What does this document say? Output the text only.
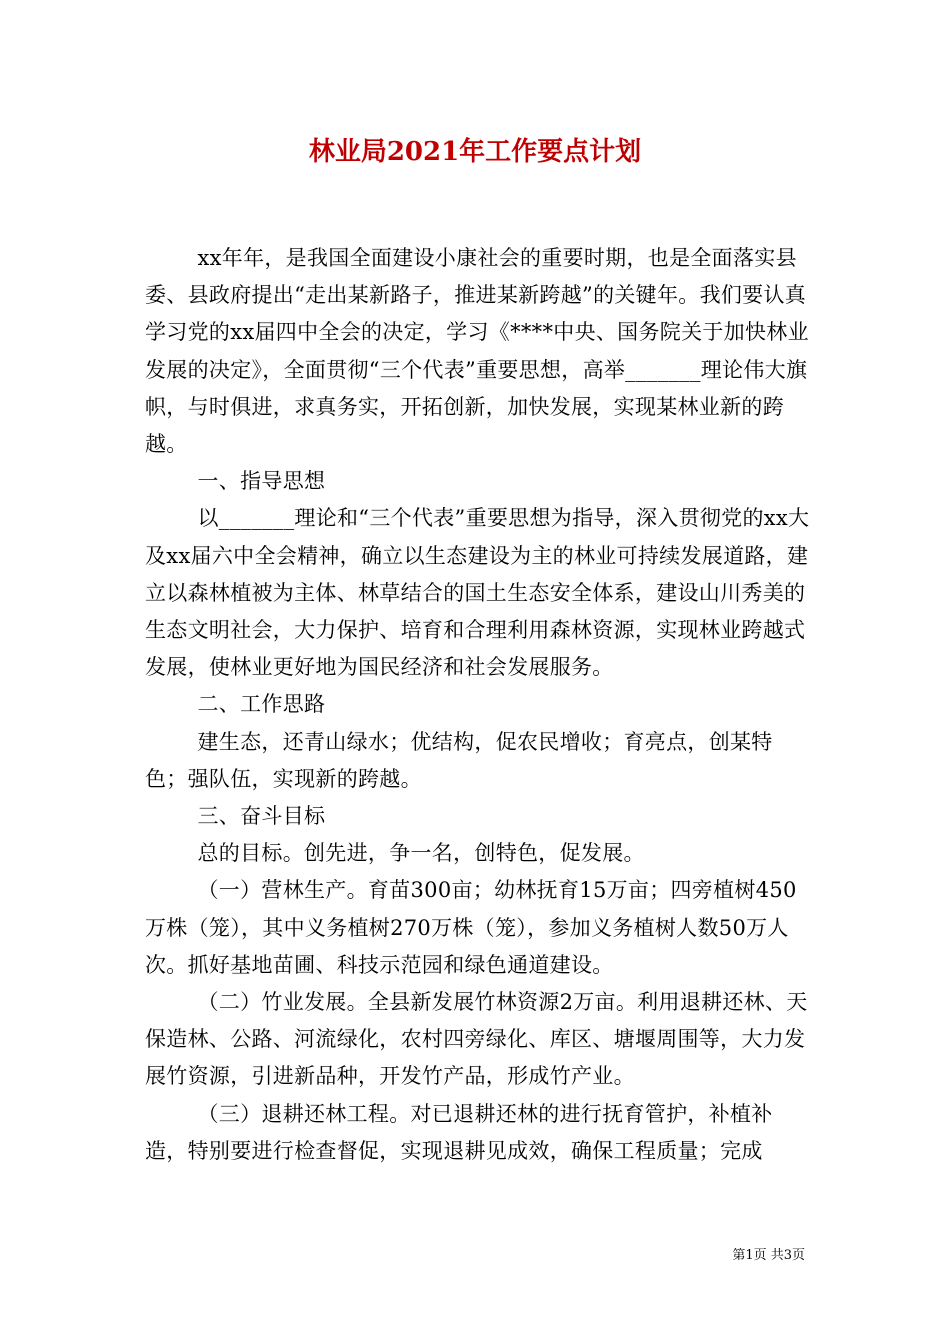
林业局2021年工作要点计划

xx年年，是我国全面建设小康社会的重要时期，也是全面落实县委、县政府提出“走出某新路子，推进某新跨越”的关键年。我们要认真学习党的xx届四中全会的决定，学习《****中央、国务院关于加快林业发展的决定》，全面贯彻“三个代表”重要思想，高举_______理论伟大旗帜，与时俱进，求真务实，开拓创新，加快发展，实现某林业新的跨越。

一、指导思想

以_______理论和“三个代表”重要思想为指导，深入贯彻党的xx大及xx届六中全会精神，确立以生态建设为主的林业可持续发展道路，建立以森林植被为主体、林草结合的国土生态安全体系，建设山川秀美的生态文明社会，大力保护、培育和合理利用森林资源，实现林业跨越式发展，使林业更好地为国民经济和社会发展服务。

二、工作思路

建生态，还青山绿水；优结构，促农民增收；育亮点，创某特色；强队伍，实现新的跨越。

三、奋斗目标

总的目标。创先进，争一名，创特色，促发展。

（一）营林生产。育苗300亩；幼林抚育15万亩；四旁植树450万株（笼），其中义务植树270万株（笼），参加义务植树人数50万人次。抓好基地苗圃、科技示范园和绿色通道建设。

（二）竹业发展。全县新发展竹林资源2万亩。利用退耕还林、天保造林、公路、河流绿化，农村四旁绿化、库区、塘堰周围等，大力发展竹资源，引进新品种，开发竹产品，形成竹产业。

（三）退耕还林工程。对已退耕还林的进行抚育管护，补植补造，特别要进行检查督促，实现退耕见成效，确保工程质量；完成

第1页 共3页
